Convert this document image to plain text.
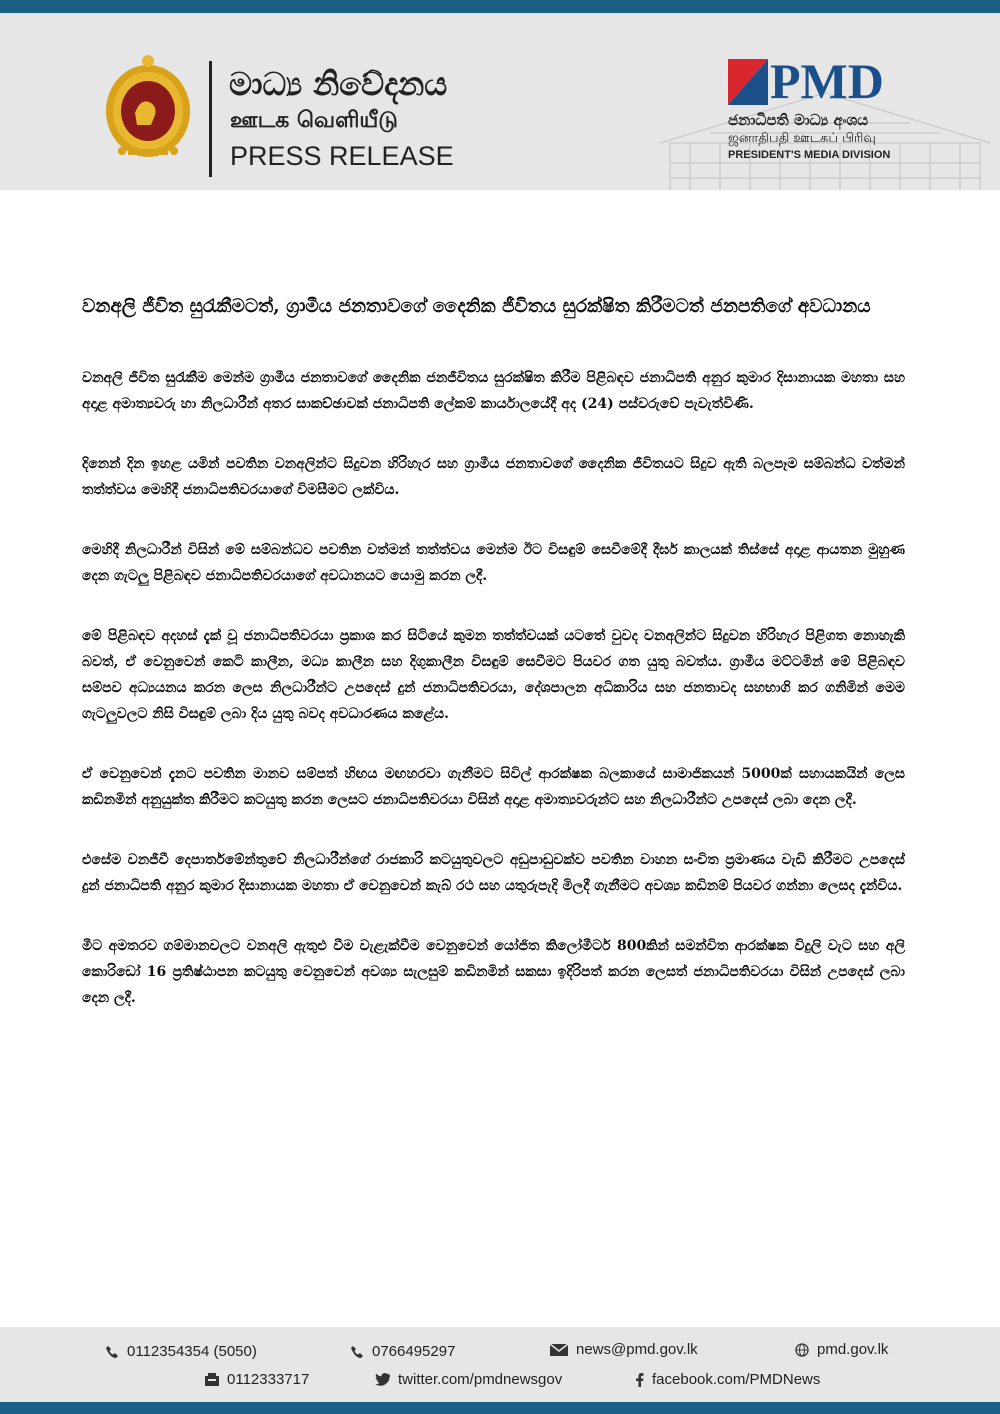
මාධ්‍ය නිවේදනය
ஊடக வெளியீடு
PRESS RELEASE
PMD
ජනාධිපති මාධ්‍ය අංශය
ஜனாதிபதி ஊடகப் பிரிவு
PRESIDENT'S MEDIA DIVISION
වනඅලි ජීවිත සුරැකීමටත්, ග්‍රාමීය ජනතාවගේ දෛනික ජීවිතය සුරක්ෂිත කිරීමටත් ජනපතිගේ අවධානය

වනඅලි ජීවිත සුරැකීම මෙන්ම ග්‍රාමීය ජනතාවගේ දෛනික ජනජීවිතය සුරක්ෂිත කිරීම පිළිබඳව ජනාධිපති අනුර කුමාර දිසානායක මහතා සහ අදාළ අමාත්‍යවරු හා නිලධාරීන් අතර සාකච්ඡාවක් ජනාධිපති ලේකම් කාර්යාලයේදී අද (24) පස්වරුවේ පැවැත්විණි.

දිනෙන් දින ඉහළ යමින් පවතින වනඅලින්ට සිදුවන හිරිහැර සහ ග්‍රාමීය ජනතාවගේ දෛනික ජීවිතයට සිදුව ඇති බලපෑම සම්බන්ධ වත්මන් තත්ත්වය මෙහිදී ජනාධිපතිවරයාගේ විමසීමට ලක්විය.

මෙහිදී නිලධාරීන් විසින් මේ සම්බන්ධව පවතින වත්මන් තත්ත්වය මෙන්ම ඊට විසඳුම් සෙවීමේදී දීර්ඝ කාලයක් තිස්සේ අදාළ ආයතන මුහුණ දෙන ගැටලු පිළිබඳව ජනාධිපතිවරයාගේ අවධානයට යොමු කරන ලදී.

මේ පිළිබඳව අදහස් දැක් වූ ජනාධිපතිවරයා ප්‍රකාශ කර සිටියේ කුමන තත්ත්වයක් යටතේ වුවද වනඅලින්ට සිදුවන හිරිහැර පිළිගත නොහැකි බවත්, ඒ වෙනුවෙන් කෙටි කාලීන, මධ්‍ය කාලීන සහ දිගුකාලීන විසඳුම් සෙවීමට පියවර ගත යුතු බවත්ය. ග්‍රාමීය මට්ටමින් මේ පිළිබඳව සම්පව අධ්‍යයනය කරන ලෙස නිලධාරීන්ට උපදෙස් දුන් ජනාධිපතිවරයා, දේශපාලන අධිකාරිය සහ ජනතාවද සහභාගි කර ගනිමින් මෙම ගැටලුවලට නිසි විසඳුම් ලබා දිය යුතු බවද අවධාරණය කළේය.

ඒ වෙනුවෙන් දැනට පවතින මානව සම්පත් හිඟය මඟහරවා ගැනීමට සිවිල් ආරක්ෂක බලකායේ සාමාජිකයන් 5000ක් සහායකයින් ලෙස කඩිනමින් අනුයුක්ත කිරීමට කටයුතු කරන ලෙසට ජනාධිපතිවරයා විසින් අදාළ අමාත්‍යවරුන්ට සහ නිලධාරීන්ට උපදෙස් ලබා දෙන ලදී.

එසේම වනජීවී දෙපාර්තමේන්තුවේ නිලධාරීන්ගේ රාජකාරි කටයුතුවලට අඩුපාඩුවක්ව පවතින වාහන සංචිත ප්‍රමාණය වැඩි කිරීමට උපදෙස් දුන් ජනාධිපති අනුර කුමාර දිසානායක මහතා ඒ වෙනුවෙන් කැබ් රථ සහ යතුරුපැදි මිලදී ගැනීමට අවශ්‍ය කඩිනම් පියවර ගන්නා ලෙසද දැන්විය.

මීට අමතරව ගම්මානවලට වනඅලි ඇතුළු වීම වැළැක්වීම වෙනුවෙන් යෝජිත කිලෝමීටර් 800කින් සමන්විත ආරක්ෂක විදුලි වැට සහ අලි කොරිඩෝ 16 ප්‍රතිෂ්ඨාපන කටයුතු වෙනුවෙන් අවශ්‍ය සැලසුම් කඩිනමින් සකසා ඉදිරිපත් කරන ලෙසත් ජනාධිපතිවරයා විසින් උපදෙස් ලබා දෙන ලදී.

0112354354 (5050)	0766495297	news@pmd.gov.lk	pmd.gov.lk
0112333717	twitter.com/pmdnewsgov	facebook.com/PMDNews
